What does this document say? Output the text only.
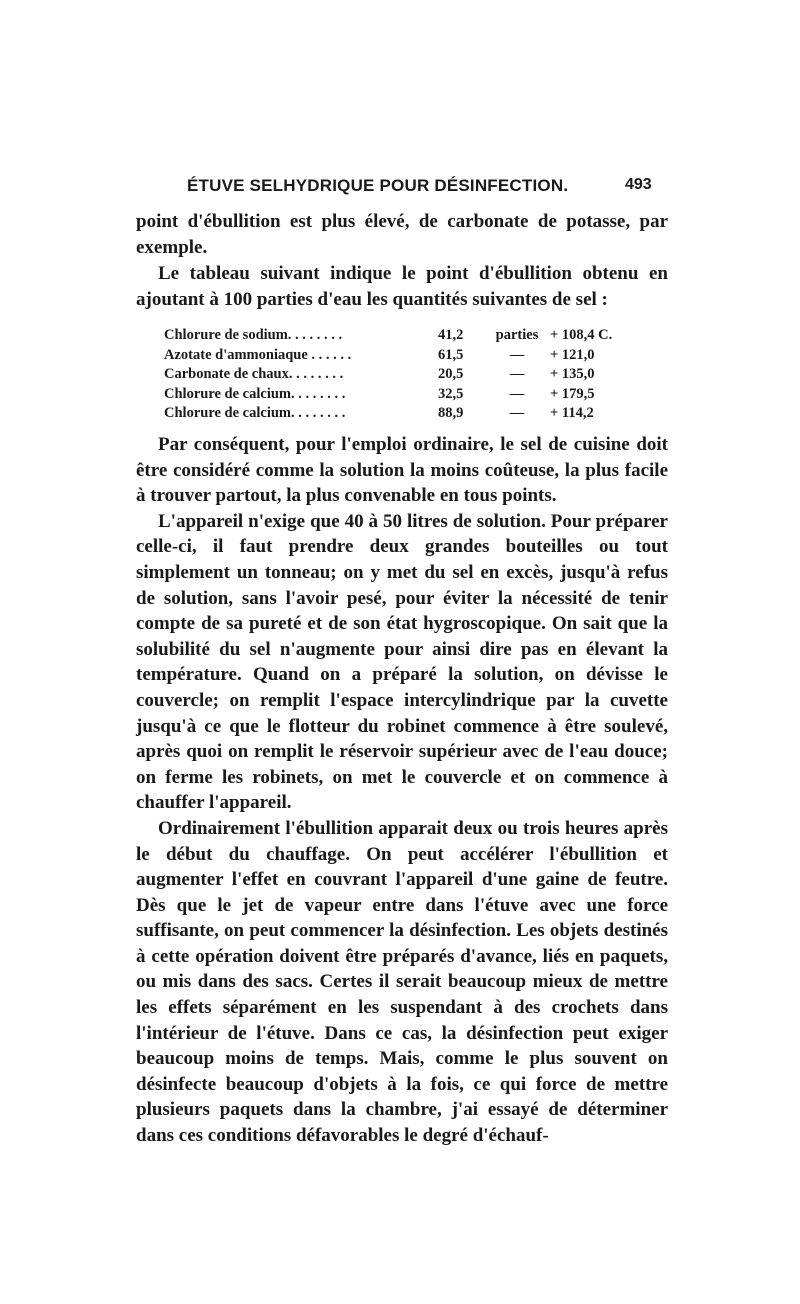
ÉTUVE SELHYDRIQUE POUR DÉSINFECTION.	493

point d'ébullition est plus élevé, de carbonate de potasse, par exemple.

Le tableau suivant indique le point d'ébullition obtenu en ajoutant à 100 parties d'eau les quantités suivantes de sel :

Chlorure de sodium. . . . . . . .	41,2	parties + 108,4 C.
Azotate d'ammoniaque . . . . . .	61,5	—	+ 121,0
Carbonate de chaux. . . . . . . .	20,5	—	+ 135,0
Chlorure de calcium. . . . . . . .	32,5	—	+ 179,5
Chlorure de calcium. . . . . . . .	88,9	—	+ 114,2

Par conséquent, pour l'emploi ordinaire, le sel de cuisine doit être considéré comme la solution la moins coûteuse, la plus facile à trouver partout, la plus convenable en tous points.

L'appareil n'exige que 40 à 50 litres de solution. Pour préparer celle-ci, il faut prendre deux grandes bouteilles ou tout simplement un tonneau; on y met du sel en excès, jusqu'à refus de solution, sans l'avoir pesé, pour éviter la nécessité de tenir compte de sa pureté et de son état hygroscopique. On sait que la solubilité du sel n'augmente pour ainsi dire pas en élevant la température. Quand on a préparé la solution, on dévisse le couvercle; on remplit l'espace intercylindrique par la cuvette jusqu'à ce que le flotteur du robinet commence à être soulevé, après quoi on remplit le réservoir supérieur avec de l'eau douce; on ferme les robinets, on met le couvercle et on commence à chauffer l'appareil.

Ordinairement l'ébullition apparait deux ou trois heures après le début du chauffage. On peut accélérer l'ébullition et augmenter l'effet en couvrant l'appareil d'une gaine de feutre. Dès que le jet de vapeur entre dans l'étuve avec une force suffisante, on peut commencer la désinfection. Les objets destinés à cette opération doivent être préparés d'avance, liés en paquets, ou mis dans des sacs. Certes il serait beaucoup mieux de mettre les effets séparément en les suspendant à des crochets dans l'intérieur de l'étuve. Dans ce cas, la désinfection peut exiger beaucoup moins de temps. Mais, comme le plus souvent on désinfecte beaucoup d'objets à la fois, ce qui force de mettre plusieurs paquets dans la chambre, j'ai essayé de déterminer dans ces conditions défavorables le degré d'échauf-
